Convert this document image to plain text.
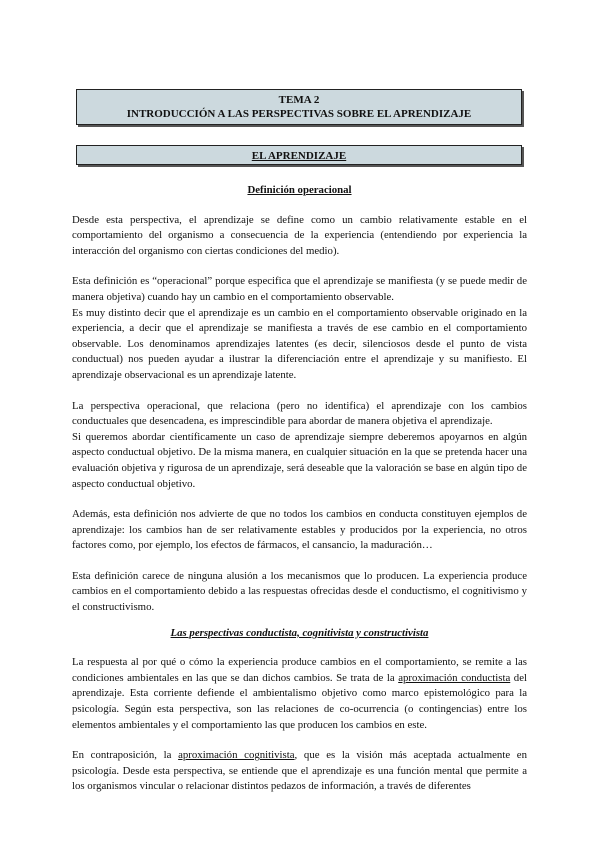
TEMA 2
INTRODUCCIÓN A LAS PERSPECTIVAS SOBRE EL APRENDIZAJE
EL APRENDIZAJE

Definición operacional

Desde esta perspectiva, el aprendizaje se define como un cambio relativamente estable en el comportamiento del organismo a consecuencia de la experiencia (entendiendo por experiencia la interacción del organismo con ciertas condiciones del medio).

Esta definición es “operacional” porque especifica que el aprendizaje se manifiesta (y se puede medir de manera objetiva) cuando hay un cambio en el comportamiento observable.

Es muy distinto decir que el aprendizaje es un cambio en el comportamiento observable originado en la experiencia, a decir que el aprendizaje se manifiesta a través de ese cambio en el comportamiento observable. Los denominamos aprendizajes latentes (es decir, silenciosos desde el punto de vista conductual) nos pueden ayudar a ilustrar la diferenciación entre el aprendizaje y su manifiesto. El aprendizaje observacional es un aprendizaje latente.

La perspectiva operacional, que relaciona (pero no identifica) el aprendizaje con los cambios conductuales que desencadena, es imprescindible para abordar de manera objetiva el aprendizaje.

Si queremos abordar científicamente un caso de aprendizaje siempre deberemos apoyarnos en algún aspecto conductual objetivo. De la misma manera, en cualquier situación en la que se pretenda hacer una evaluación objetiva y rigurosa de un aprendizaje, será deseable que la valoración se base en algún tipo de aspecto conductual objetivo.

Además, esta definición nos advierte de que no todos los cambios en conducta constituyen ejemplos de aprendizaje: los cambios han de ser relativamente estables y producidos por la experiencia, no otros factores como, por ejemplo, los efectos de fármacos, el cansancio, la maduración…

Esta definición carece de ninguna alusión a los mecanismos que lo producen. La experiencia produce cambios en el comportamiento debido a las respuestas ofrecidas desde el conductismo, el cognitivismo y el constructivismo.

Las perspectivas conductista, cognitivista y constructivista

La respuesta al por qué o cómo la experiencia produce cambios en el comportamiento, se remite a las condiciones ambientales en las que se dan dichos cambios. Se trata de la aproximación conductista del aprendizaje. Esta corriente defiende el ambientalismo objetivo como marco epistemológico para la psicología. Según esta perspectiva, son las relaciones de co-ocurrencia (o contingencias) entre los elementos ambientales y el comportamiento las que producen los cambios en este.

En contraposición, la aproximación cognitivista, que es la visión más aceptada actualmente en psicología. Desde esta perspectiva, se entiende que el aprendizaje es una función mental que permite a los organismos vincular o relacionar distintos pedazos de información, a través de diferentes
